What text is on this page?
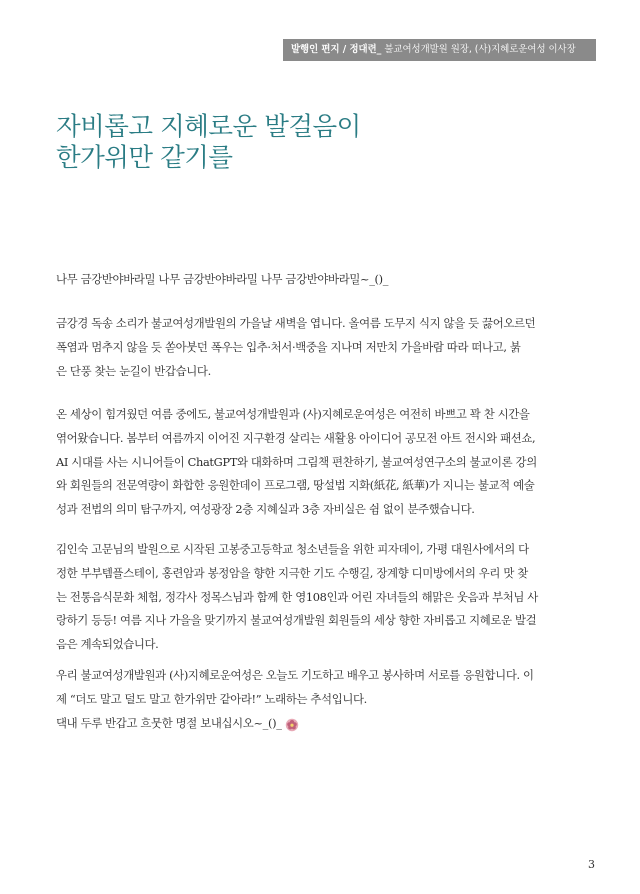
발행인 편지 / 정대련_ 불교여성개발원 원장, (사)지혜로운여성 이사장
자비롭고 지혜로운 발걸음이
한가위만 같기를

나무 금강반야바라밀 나무 금강반야바라밀 나무 금강반야바라밀~_()_

금강경 독송 소리가 불교여성개발원의 가을날 새벽을 엽니다. 올여름 도무지 식지 않을 듯 끓어오르던
폭염과 멈추지 않을 듯 쏟아붓던 폭우는 입추·처서·백중을 지나며 저만치 가을바람 따라 떠나고, 붉
은 단풍 찾는 눈길이 반갑습니다.

온 세상이 힘겨웠던 여름 중에도, 불교여성개발원과 (사)지혜로운여성은 여전히 바쁘고 꽉 찬 시간을
엮어왔습니다. 봄부터 여름까지 이어진 지구환경 살리는 새활용 아이디어 공모전 아트 전시와 패션쇼,
AI 시대를 사는 시니어들이 ChatGPT와 대화하며 그림책 편찬하기, 불교여성연구소의 불교이론 강의
와 회원들의 전문역량이 화합한 응원한데이 프로그램, 땅설법 지화(紙花, 紙華)가 지니는 불교적 예술
성과 전법의 의미 탐구까지, 여성광장 2층 지혜실과 3층 자비실은 쉼 없이 분주했습니다.

김인숙 고문님의 발원으로 시작된 고봉중고등학교 청소년들을 위한 피자데이, 가평 대원사에서의 다
정한 부부템플스테이, 홍련암과 봉정암을 향한 지극한 기도 수행길, 장계향 디미방에서의 우리 맛 찾
는 전통음식문화 체험, 정각사 정목스님과 함께 한 영108인과 어린 자녀들의 해맑은 웃음과 부처님 사
랑하기 등등! 여름 지나 가을을 맞기까지 불교여성개발원 회원들의 세상 향한 자비롭고 지혜로운 발걸
음은 계속되었습니다.

우리 불교여성개발원과 (사)지혜로운여성은 오늘도 기도하고 배우고 봉사하며 서로를 응원합니다. 이
제 “더도 말고 덜도 말고 한가위만 같아라!” 노래하는 추석입니다.
댁내 두루 반갑고 흐뭇한 명절 보내십시오~_()_

3
